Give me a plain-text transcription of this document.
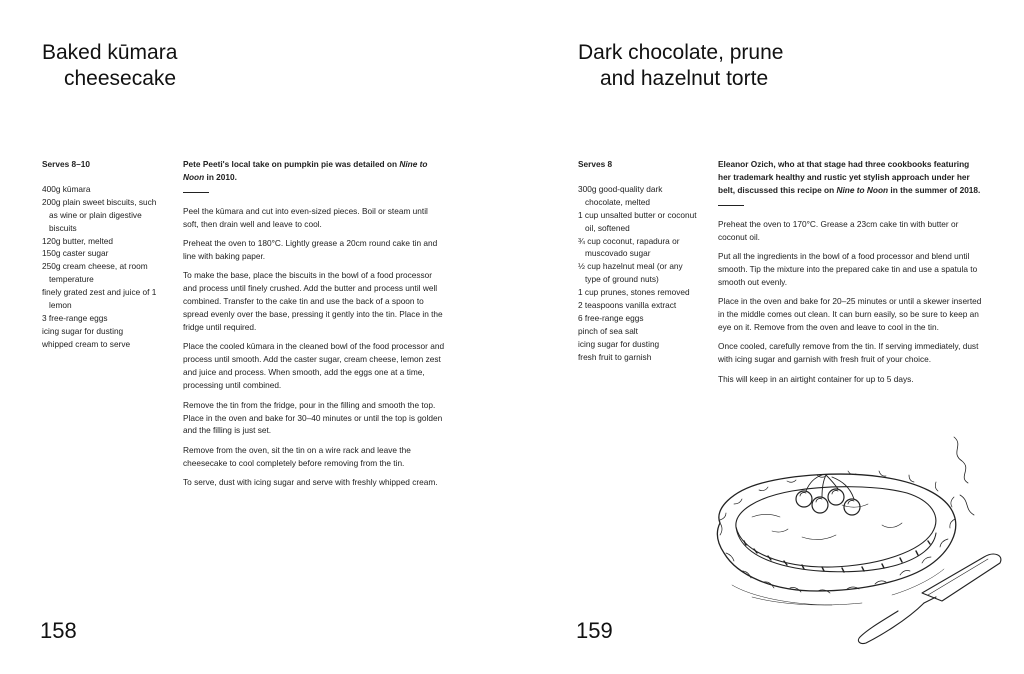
Baked kūmara
cheesecake
Serves 8–10
400g kūmara
200g plain sweet biscuits, such as wine or plain digestive biscuits
120g butter, melted
150g caster sugar
250g cream cheese, at room temperature
finely grated zest and juice of 1 lemon
3 free-range eggs
icing sugar for dusting
whipped cream to serve

Pete Peeti's local take on pumpkin pie was detailed on Nine to Noon in 2010.

Peel the kūmara and cut into even-sized pieces. Boil or steam until soft, then drain well and leave to cool.

Preheat the oven to 180°C. Lightly grease a 20cm round cake tin and line with baking paper.

To make the base, place the biscuits in the bowl of a food processor and process until finely crushed. Add the butter and process until well combined. Transfer to the cake tin and use the back of a spoon to spread evenly over the base, pressing it gently into the tin. Place in the fridge until required.

Place the cooled kūmara in the cleaned bowl of the food processor and process until smooth. Add the caster sugar, cream cheese, lemon zest and juice and process. When smooth, add the eggs one at a time, processing until combined.

Remove the tin from the fridge, pour in the filling and smooth the top. Place in the oven and bake for 30–40 minutes or until the top is golden and the filling is just set.

Remove from the oven, sit the tin on a wire rack and leave the cheesecake to cool completely before removing from the tin.

To serve, dust with icing sugar and serve with freshly whipped cream.

158

Dark chocolate, prune
and hazelnut torte
Serves 8
300g good-quality dark chocolate, melted
1 cup unsalted butter or coconut oil, softened
¾ cup coconut, rapadura or muscovado sugar
½ cup hazelnut meal (or any type of ground nuts)
1 cup prunes, stones removed
2 teaspoons vanilla extract
6 free-range eggs
pinch of sea salt
icing sugar for dusting
fresh fruit to garnish

Eleanor Ozich, who at that stage had three cookbooks featuring her trademark healthy and rustic yet stylish approach under her belt, discussed this recipe on Nine to Noon in the summer of 2018.

Preheat the oven to 170°C. Grease a 23cm cake tin with butter or coconut oil.

Put all the ingredients in the bowl of a food processor and blend until smooth. Tip the mixture into the prepared cake tin and use a spatula to smooth out evenly.

Place in the oven and bake for 20–25 minutes or until a skewer inserted in the middle comes out clean. It can burn easily, so be sure to keep an eye on it. Remove from the oven and leave to cool in the tin.

Once cooled, carefully remove from the tin. If serving immediately, dust with icing sugar and garnish with fresh fruit of your choice.

This will keep in an airtight container for up to 5 days.

159
